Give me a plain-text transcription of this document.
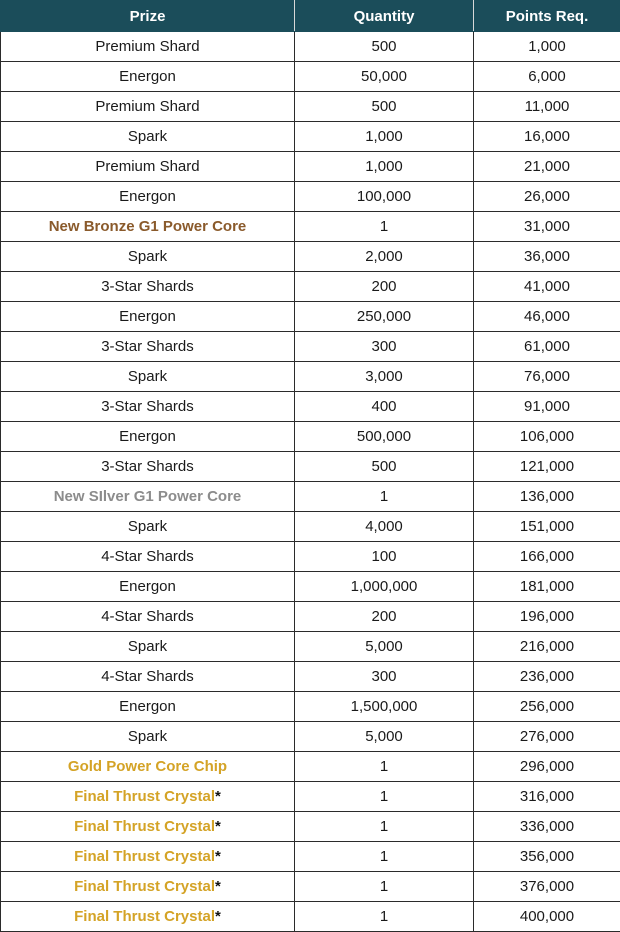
Prize	Quantity	Points Req.
Premium Shard	500	1,000
Energon	50,000	6,000
Premium Shard	500	11,000
Spark	1,000	16,000
Premium Shard	1,000	21,000
Energon	100,000	26,000
New Bronze G1 Power Core	1	31,000
Spark	2,000	36,000
3-Star Shards	200	41,000
Energon	250,000	46,000
3-Star Shards	300	61,000
Spark	3,000	76,000
3-Star Shards	400	91,000
Energon	500,000	106,000
3-Star Shards	500	121,000
New SIlver G1 Power Core	1	136,000
Spark	4,000	151,000
4-Star Shards	100	166,000
Energon	1,000,000	181,000
4-Star Shards	200	196,000
Spark	5,000	216,000
4-Star Shards	300	236,000
Energon	1,500,000	256,000
Spark	5,000	276,000
Gold Power Core Chip	1	296,000
Final Thrust Crystal*	1	316,000
Final Thrust Crystal*	1	336,000
Final Thrust Crystal*	1	356,000
Final Thrust Crystal*	1	376,000
Final Thrust Crystal*	1	400,000
